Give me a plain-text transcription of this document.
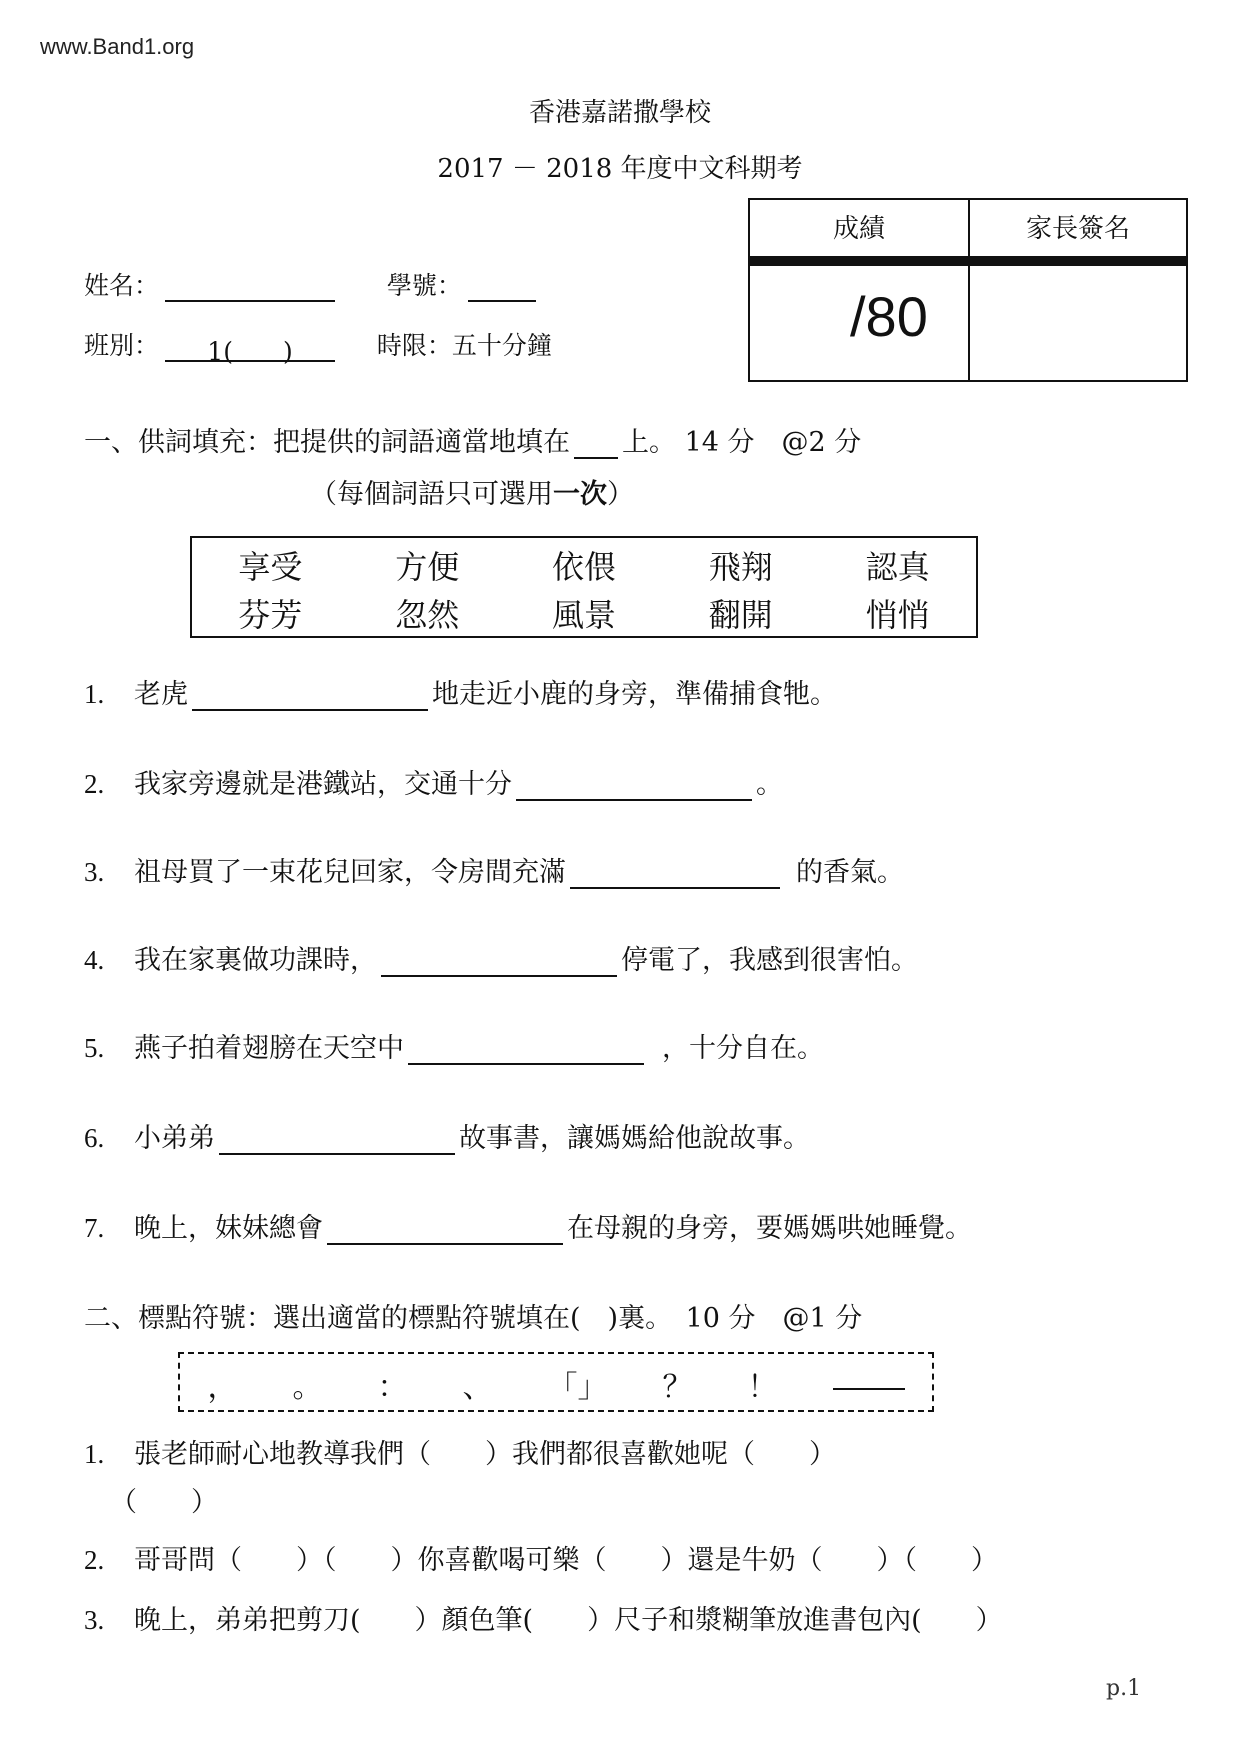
www.Band1.org
香港嘉諾撒學校
2017 － 2018 年度中文科期考
成績	家長簽名
/80
姓名：	學號：
班別： 1(　　)	時限：五十分鐘
一、供詞填充：把提供的詞語適當地填在 上。 14 分　@2 分
（每個詞語只可選用一次）
享受	方便	依偎	飛翔	認真
芬芳	忽然	風景	翻開	悄悄
1. 老虎	地走近小鹿的身旁，準備捕食牠。
2. 我家旁邊就是港鐵站，交通十分	。
3. 祖母買了一束花兒回家，令房間充滿	的香氣。
4. 我在家裏做功課時，	停電了，我感到很害怕。
5. 燕子拍着翅膀在天空中	，十分自在。
6. 小弟弟	故事書，讓媽媽給他說故事。
7. 晚上，妹妹總會	在母親的身旁，要媽媽哄她睡覺。
二、標點符號：選出適當的標點符號填在(　)裏。　10 分　@1 分
， 。 ： 、 「」 ？ ！
1. 張老師耐心地教導我們（　　）我們都很喜歡她呢（　　）
（　　）
2. 哥哥問（　　）（　　）你喜歡喝可樂（　　）還是牛奶（　　）（　　）
3. 晚上，弟弟把剪刀(　　）顏色筆(　　）尺子和漿糊筆放進書包內(　　）
p.1
